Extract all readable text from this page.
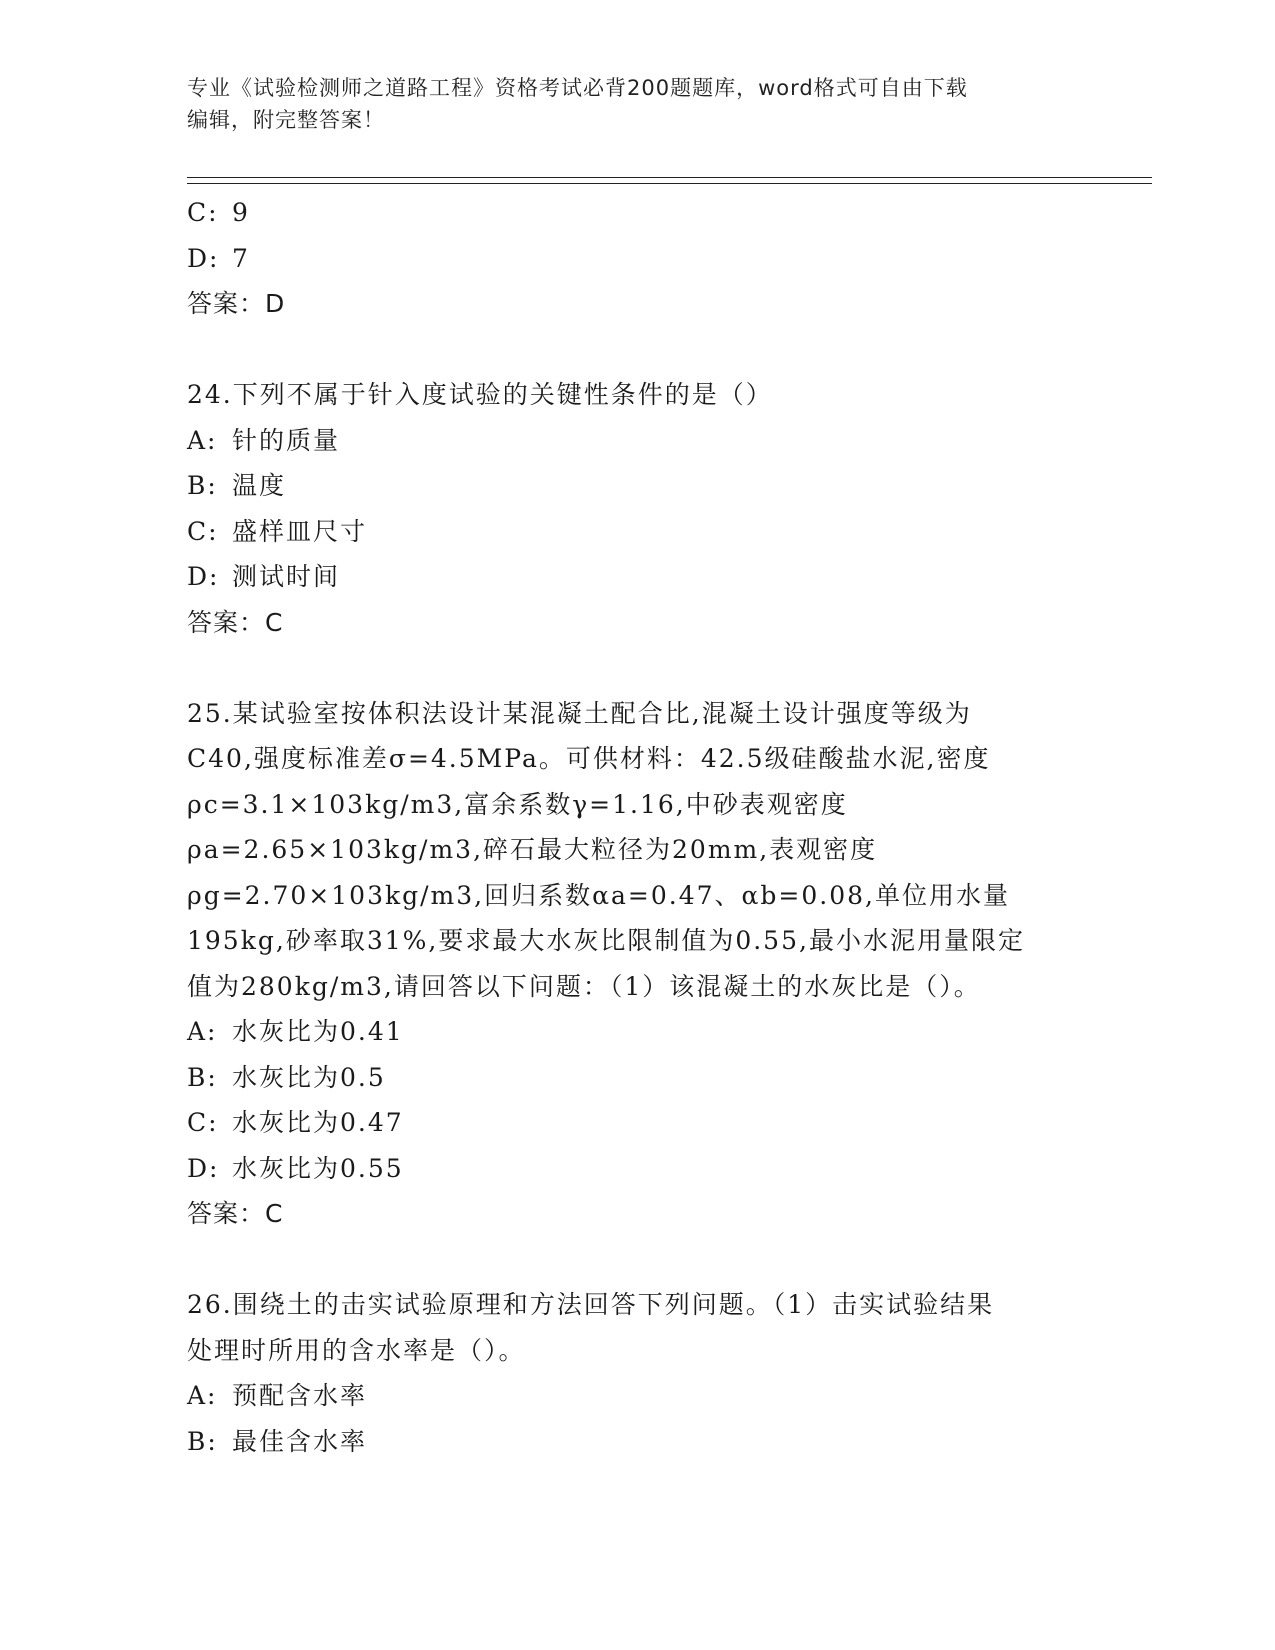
专业《试验检测师之道路工程》资格考试必背200题题库，word格式可自由下载
编辑，附完整答案！
C: 9
D: 7
答案：D
24.下列不属于针入度试验的关键性条件的是（）
A: 针的质量
B: 温度
C: 盛样皿尺寸
D: 测试时间
答案：C
25.某试验室按体积法设计某混凝土配合比,混凝土设计强度等级为
C40,强度标准差σ=4.5MPa。可供材料：42.5级硅酸盐水泥,密度
ρc=3.1×103kg/m3,富余系数γ=1.16,中砂表观密度
ρa=2.65×103kg/m3,碎石最大粒径为20mm,表观密度
ρg=2.70×103kg/m3,回归系数αa=0.47、αb=0.08,单位用水量
195kg,砂率取31%,要求最大水灰比限制值为0.55,最小水泥用量限定
值为280kg/m3,请回答以下问题：（1）该混凝土的水灰比是（）。
A: 水灰比为0.41
B: 水灰比为0.5
C: 水灰比为0.47
D: 水灰比为0.55
答案：C
26.围绕土的击实试验原理和方法回答下列问题。（1）击实试验结果
处理时所用的含水率是（）。
A: 预配含水率
B: 最佳含水率
